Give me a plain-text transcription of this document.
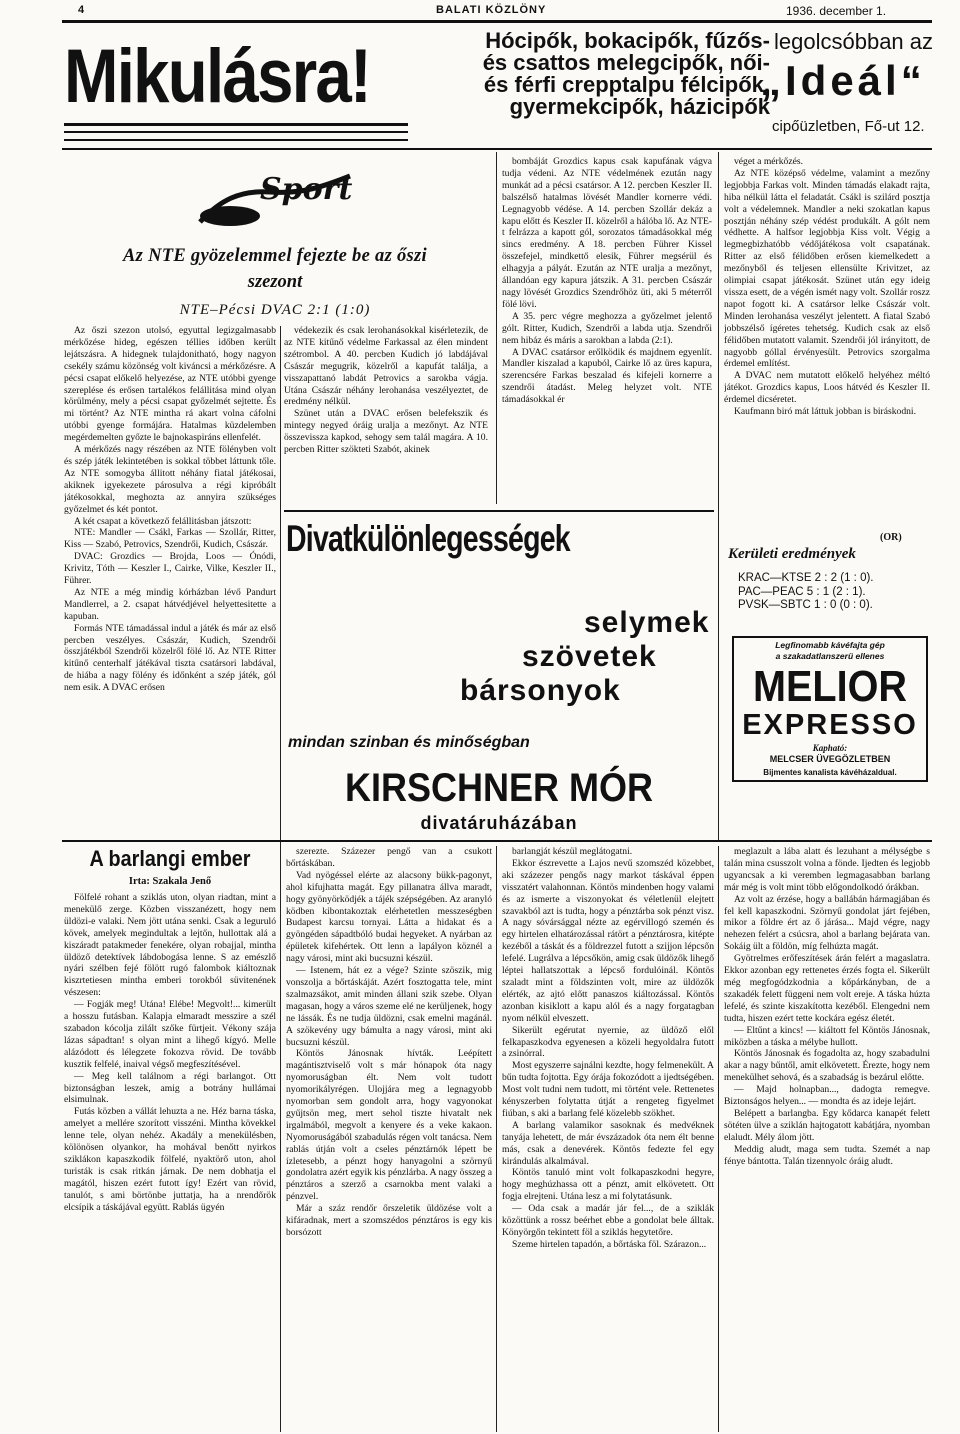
4	BALATI KÖZLÖNY	1936. december 1.
Mikulásra!	Hócipők, bokacipők, fűzős-
és csattos melegcipők, női-
és férfi crepptalpu félcipők,
gyermekcipők, házicipők
legolcsóbban az
„Ideál“
cipőüzletben, Fő-ut 12.
Sport
Az NTE gyözelemmel fejezte be az őszi
szezont
NTE–Pécsi DVAC 2:1 (1:0)

Az őszi szezon utolsó, egyuttal legizgalmasabb mérkőzése hideg, egészen téllies időben került lejátszásra. A hidegnek tulajdonitható, hogy nagyon csekély számu közönség volt kiváncsi a mérkőzésre. A pécsi csapat előkelő helyezése, az NTE utóbbi gyenge szereplése és erősen tartalékos felállitása mind olyan körülmény, mely a pécsi csapat győzelmét sejtette. És mi történt? Az NTE mintha rá akart volna cáfolni utóbbi gyenge formájára. Hatalmas küzdelemben megérdemelten győzte le bajnokaspiráns ellenfelét.

A mérkőzés nagy részében az NTE fölényben volt és szép játék lekintetében is sokkal többet láttunk tőle. Az NTE somogyba állitott néhány fiatal játékosai, akiknek igyekezete párosulva a régi kipróbált játékosokkal, meghozta az annyira szükséges győzelmet és két pontot.

A két csapat a következő felállitásban játszott:

NTE: Mandler — Csákl, Farkas — Szollár, Ritter, Kiss — Szabó, Petrovics, Szendrői, Kudich, Császár.

DVAC: Grozdics — Brojda, Loos — Ónódi, Krivitz, Tóth — Keszler I., Cairke, Vilke, Keszler II., Führer.

Az NTE a még mindig kórházban lévő Pandurt Mandlerrel, a 2. csapat hátvédjével helyettesitette a kapuban.

Formás NTE támadással indul a játék és már az első percben veszélyes. Császár, Kudich, Szendrői összjátékból Szendrői közelről fölé lő. Az NTE Ritter kitűnő centerhalf játékával tiszta csatársori labdával, de hiába a nagy fölény és időnként a szép játék, gól nem esik. A DVAC erősen

védekezik és csak lerohanásokkal kisérletezik, de az NTE kitűnő védelme Farkassal az élen mindent szétrombol. A 40. percben Kudich jó labdájával Császár megugrik, közelről a kapufát találja, a visszapattanó labdát Petrovics a sarokba vágja. Utána Császár néhány lerohanása veszélyeztet, de eredmény nélkül.

Szünet után a DVAC erősen belefekszik és mintegy negyed óráig uralja a mezőnyt. Az NTE összevissza kapkod, sehogy sem talál magára. A 10. percben Ritter szökteti Szabót, akinek

bombáját Grozdics kapus csak kapufának vágva tudja védeni. Az NTE védelmének ezután nagy munkát ad a pécsi csatársor. A 12. percben Keszler II. balszélső hatalmas lövését Mandler kornerre védi. Legnagyobb védése. A 14. percben Szollár dekáz a kapu előtt és Keszler II. közelről a hálóba lő. Az NTE-t felrázza a kapott gól, sorozatos támadásokkal még sincs eredmény. A 18. percben Führer Kissel összefejel, mindkettő elesik, Führer megsérül és elhagyja a pályát. Ezután az NTE uralja a mezőnyt, állandóan egy kapura játszik. A 31. percben Császár nagy lövését Grozdics Szendrőhöz üti, aki 5 méterről fölé lövi.

A 35. perc végre meghozza a győzelmet jelentő gólt. Ritter, Kudich, Szendrői a labda utja. Szendrői nem hibáz és máris a sarokban a labda (2:1).

A DVAC csatársor erőlködik és majdnem egyenlít. Mandler kiszalad a kapuból, Cairke lő az üres kapura, szerencsére Farkas beszalad és kifejeli kornerre a szendrői átadást. Meleg helyzet volt. NTE támadásokkal ér

véget a mérkőzés.

Az NTE középső védelme, valamint a mezőny legjobbja Farkas volt. Minden támadás elakadt rajta, hiba nélkül látta el feladatát. Csákl is szilárd posztja volt a védelemnek. Mandler a neki szokatlan kapus posztján néhány szép védést produkált. A gólt nem védhette. A halfsor legjobbja Kiss volt. Végig a legmegbizhatóbb védőjátékosa volt csapatának. Ritter az első félidőben erősen kiemelkedett a mezőnyből és teljesen ellensülte Krivitzet, az olimpiai csapat játékosát. Szünet után egy ideig vissza esett, de a végén ismét nagy volt. Szollár roszz napot fogott ki. A csatársor lelke Császár volt. Minden lerohanása veszélyt jelentett. A fiatal Szabó jobbszélső ígéretes tehetség. Kudich csak az első félidőben mutatott valamit. Szendrői jól irányitott, de nagyobb góllal érvényesült. Petrovics szorgalma érdemel említést.

A DVAC nem mutatott előkelő helyéhez méltó játékot. Grozdics kapus, Loos hátvéd és Keszler II. érdemel dicséretet.

Kaufmann biró mát láttuk jobban is biráskodni.

(OR)
Kerületi eredmények
KRAC—KTSE 2 : 2 (1 : 0).
PAC—PEAC 5 : 1 (2 : 1).
PVSK—SBTC 1 : 0 (0 : 0).
Legfinomabb kávéfajta gép
a szakadatlanszerü ellenes
MELIOR
EXPRESSO
Kapható:
MELCSER ÜVEGÖZLETBEN
Bijmentes kanalista kávéházaldual.
Divatkülönlegességek
selymek
szövetek
bársonyok
mindan szinban és minőségban
KIRSCHNER MÓR
divatáruházában
A barlangi ember
Irta: Szakala Jenő

Fölfelé rohant a sziklás uton, olyan riadtan, mint a menekülő zerge. Közben visszanézett, hogy nem üldözi-e valaki. Nem jött utána senki. Csak a leguruló kövek, amelyek megindultak a lejtőn, hullottak alá a kiszáradt patakmeder fenekére, olyan robajjal, mintha üldöző detektívek lábdobogása lenne. S az emészlő nyári szélben fejé fölött rugó falombok kiáltoznak kiszrtetiesen mintha emberi torokból süvitenének vészesen:

— Fogják meg! Utána! Elébe! Megvolt!... kimerült a hosszu futásban. Kalapja elmaradt messzire a szél szabadon kócolja zilált szőke fürtjeit. Vékony szája lázas sápadtan! s olyan mint a lihegő kígyó. Melle alázódott és lélegzete fokozva rövid. De tovább kusztik felfelé, inaival végső megfeszítésével.

— Meg kell találnom a régi barlangot. Ott biztonságban leszek, amig a botrány hullámai elsimulnak.

Futás közben a vállát lehuzta a ne. Héz barna táska, amelyet a mellére szorított visszéni. Mintha kövekkel lenne tele, olyan nehéz. Akadály a menekülésben, kölönösen olyankor, ha mohával benőtt nyirkos sziklákon kapaszkodik fölfelé, nyaktörő uton, ahol turisták is csak ritkán járnak. De nem dobhatja el magától, hiszen ezért futott így! Ezért van rövid, tanulót, s ami börtönbe juttatja, ha a nrendőrök elcsípik a táskájával együtt. Rablás ügyén

szerezte. Százezer pengő van a csukott bőrtáskában.

Vad nyögéssel elérte az alacsony bükk-pagonyt, ahol kifujhatta magát. Egy pillanatra állva maradt, hogy gyönyörködjék a tájék szépségében. Az aranyló ködben kibontakoztak elérhetetlen messzeségben Budapest karcsu tornyai. Látta a hidakat és a gyöngéden sápadtbóló budai hegyeket. A nyárban az épületek kifehértek. Ott lenn a lapályon köznél a nagy városi, mint aki bucsuzni készül.

— Istenem, hát ez a vége? Szinte szöszik, mig vonszolja a bőrtáskáját. Azért fosztogatta tele, mint szalmazsákot, amit minden állani szik szebe. Olyan magasan, hogy a város szeme elé ne kerüljenek, hogy ne lássák. És ne tudja üldözni, csak emelni magánál. A szökevény ugy bámulta a nagy városi, mint aki bucsuzni készül.

Köntös Jánosnak hívták. Leépített magántisztviselő volt s már hónapok óta nagy nyomoruságban élt. Nem volt tudott nyomorikályrégen. Ulojjára meg a legnagyobb nyomorban sem gondolt arra, hogy vagyonokat gyűjtsön meg, mert sehol tiszte hivatalt nek irgalmából, megvolt a kenyere és a veke kakaon. Nyomoruságából szabadulás régen volt tanácsa. Nem rablás útján volt a cseles pénztárnók lépett be ízletesebb, a pénzt hogy hanyagolni a szörnyű gondolatra azért egyik kis pénzlárba. A nagy összeg a pénztáros a szerző a csarnokba ment valaki a pénzvel.

Már a száz rendőr őrszeletik üldözése volt a kifáradnak, mert a szomszédos pénztáros is egy kis borsózott

barlangját készül meglátogatni.

Ekkor észrevette a Lajos nevű szomszéd közebbet, aki százezer pengős nagy markot táskával éppen visszatért valahonnan. Köntös mindenben hogy valami és az ismerte a viszonyokat és véletlenül elejtett szavakból azt is tudta, hogy a pénztárba sok pénzt visz. A nagy sóvársággal nézte az egérvillogó szemén és egy hirtelen elhatározással rátört a pénztárosra, kitépte kezéből a táskát és a földrezzel futott a szijjon lépcsőn lefelé. Lugrálva a lépcsőkön, amig csak üldözők lihegő léptei hallatszottak a lépcső fordulóinál. Köntös szaladt mint a földszinten volt, mire az üldözők elérték, az ajtó előtt panaszos kiáltozással. Köntös azonban kisiklott a kapu alól és a nagy forgatagban nyom nélkül elveszett.

Sikerült egérutat nyernie, az üldöző elől felkapaszkodva egyenesen a közeli hegyoldalra futott a zsinórral.

Most egyszerre sajnálni kezdte, hogy felmenekült. A bűn tudta fojtotta. Egy órája fokozódott a ijedtségében. Most volt tudni nem tudott, mi történt vele. Rettenetes kényszerben folytatta útját a rengeteg figyelmet fiúban, s aki a barlang felé közelebb szökhet.

A barlang valamikor sasoknak és medvéknek tanyája lehetett, de már évszázadok óta nem élt benne más, csak a denevérek. Köntös fedezte fel egy kirándulás alkalmával.

Köntös tanuló mint volt folkapaszkodni hegyre, hogy meghúzhassa ott a pénzt, amit elkövetett. Ott fogja elrejteni. Utána lesz a mi folytatásunk.

— Oda csak a madár jár fel..., de a sziklák közöttünk a rossz beérhet ebbe a gondolat bele álltak. Könyörgőn tekintett föl a sziklás hegytetőre.

Szeme hirtelen tapadón, a bőrtáska föl. Szárazon...

meglazult a lába alatt és lezuhant a mélységbe s talán mina csusszolt volna a fönde. Ijedten és legjobb ugyancsak a ki veremben legmagasabban barlang már még is volt mint több előgondolkodó órákban.

Az volt az érzése, hogy a ballábán hármagjában és fel kell kapaszkodni. Szörnyű gondolat járt fejében, mikor a földre ért az ő járása... Majd végre, nagy nehezen felért a csúcsra, ahol a barlang bejárata van. Sokáig ült a földön, míg felhúzta magát.

Gyötrelmes erőfeszítések árán felért a magaslatra. Ekkor azonban egy rettenetes érzés fogta el. Sikerült még megfogódzkodnia a kőpárkányban, de a szakadék felett függeni nem volt ereje. A táska húzta lefelé, és szinte kiszakította kezéből. Elengedni nem tudta, hiszen ezért tette kockára egész életét.

— Eltűnt a kincs! — kiáltott fel Köntös Jánosnak, miközben a táska a mélybe hullott.

Köntös Jánosnak és fogadolta az, hogy szabadulni akar a nagy bűntől, amit elkövetett. Érezte, hogy nem menekülhet sehová, és a szabadság is bezárul előtte.

— Majd holnapban..., dadogta remegve. Biztonságos helyen... — mondta és az ideje lejárt.

Belépett a barlangba. Egy kődarca kanapét felett sötéten ülve a sziklán hajtogatott kabátjára, nyomban elaludt. Mély álom jött.

Meddig aludt, maga sem tudta. Szemét a nap fénye bántotta. Talán tizennyolc óráig aludt.
